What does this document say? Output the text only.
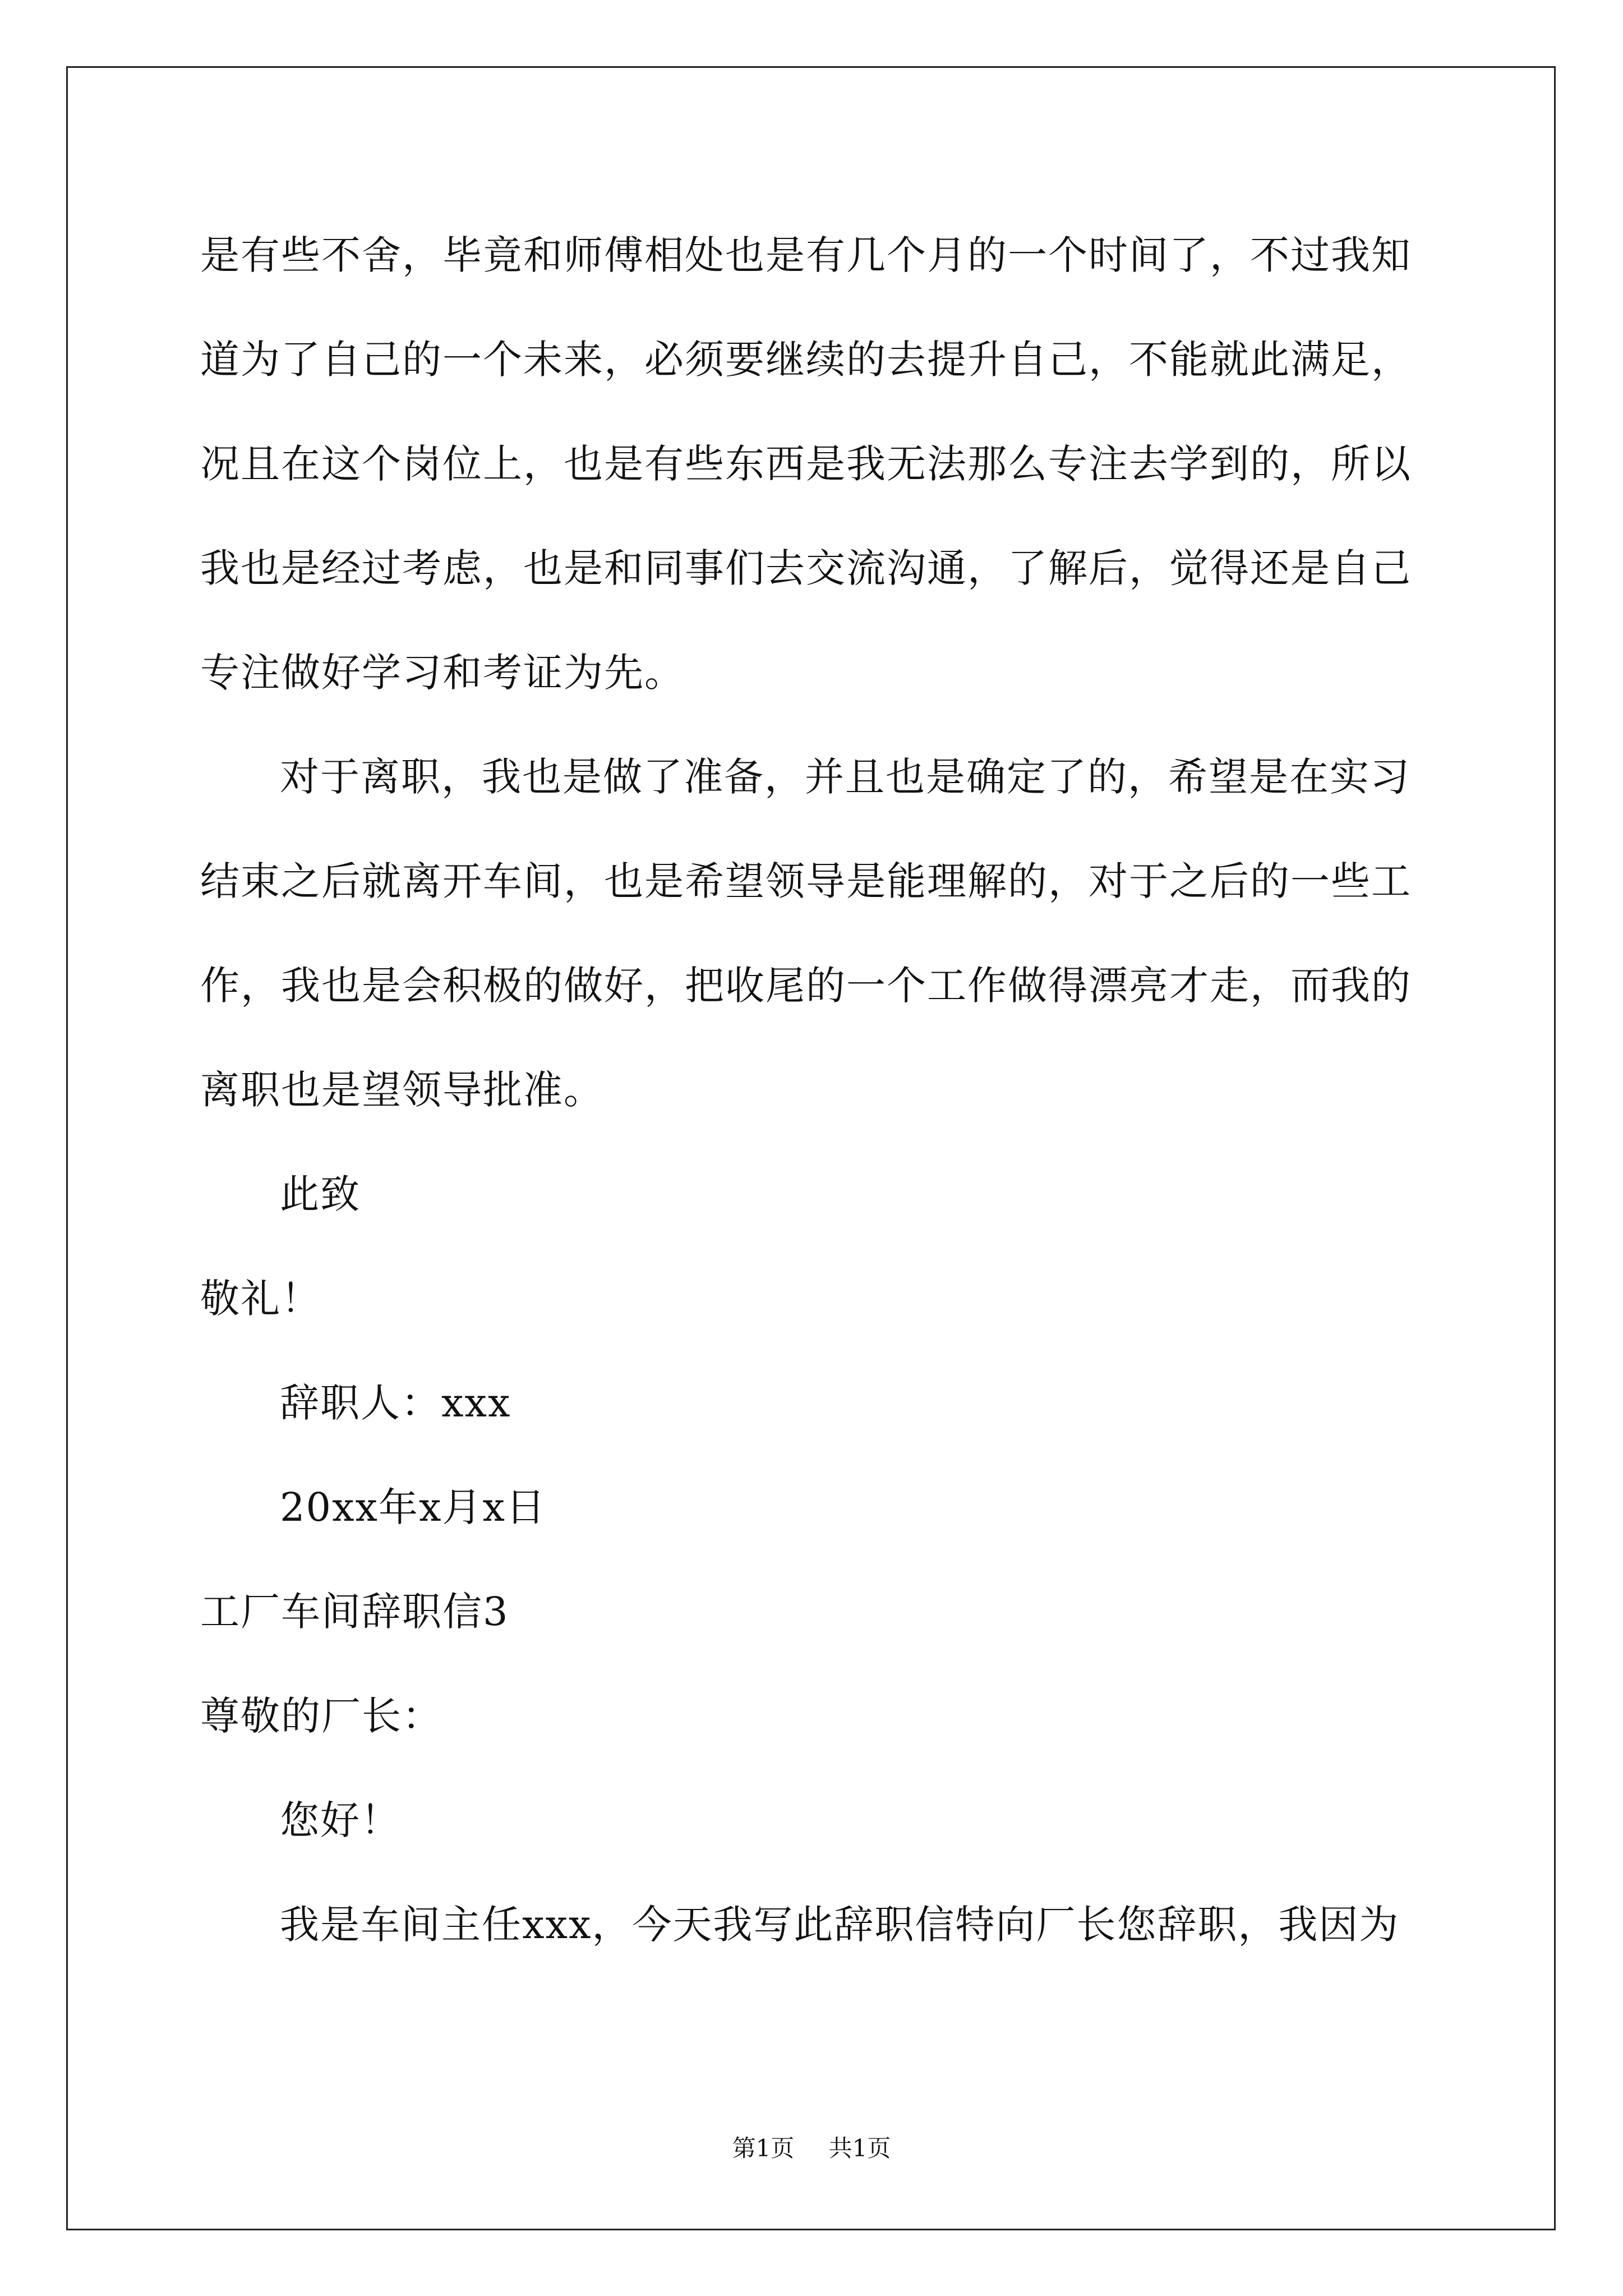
是有些不舍，毕竟和师傅相处也是有几个月的一个时间了，不过我知
道为了自己的一个未来，必须要继续的去提升自己，不能就此满足，
况且在这个岗位上，也是有些东西是我无法那么专注去学到的，所以
我也是经过考虑，也是和同事们去交流沟通，了解后，觉得还是自己
专注做好学习和考证为先。
对于离职，我也是做了准备，并且也是确定了的，希望是在实习
结束之后就离开车间，也是希望领导是能理解的，对于之后的一些工
作，我也是会积极的做好，把收尾的一个工作做得漂亮才走，而我的
离职也是望领导批准。
此致
敬礼！
辞职人：xxx
20xx年x月x日
工厂车间辞职信3
尊敬的厂长：
您好！
我是车间主任xxx，今天我写此辞职信特向厂长您辞职，我因为
第1页 共1页
